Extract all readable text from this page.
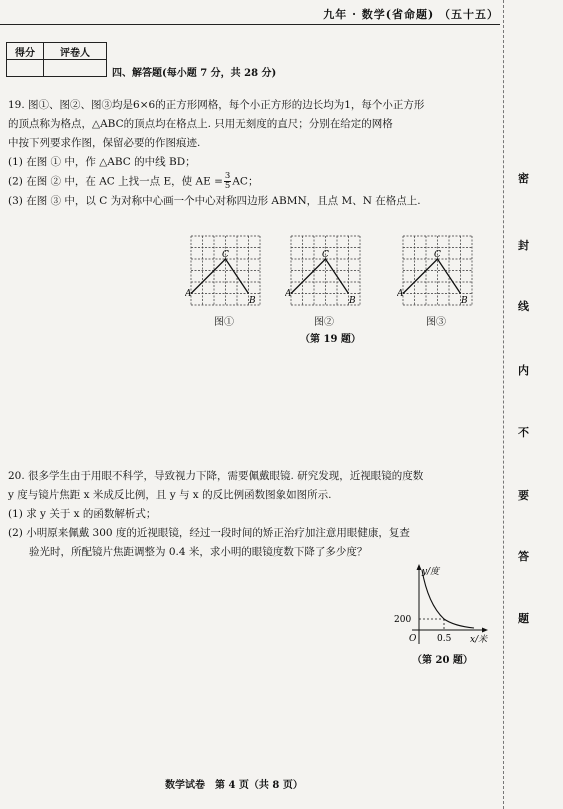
九年 · 数学(省命题) （五十五）
密
封
线
内
不
要
答
题
得分	评卷人

四、解答题(每小题 7 分，共 28 分)

19. 图①、图②、图③均是6×6的正方形网格，每个小正方形的边长均为1，每个小正方形

的顶点称为格点，△ABC的顶点均在格点上. 只用无刻度的直尺；分别在给定的网格

中按下列要求作图，保留必要的作图痕迹.

(1) 在图 ① 中，作 △ABC 的中线 BD；

(2) 在图 ② 中，在 AC 上找一点 E，使 AE = $\frac{3}{5}$ AC；

(3) 在图 ③ 中，以 C 为对称中心画一个中心对称四边形 ABMN，且点 M、N 在格点上.

A
B
C
A
B
C
A
B
C
图①	图②	图③
（第 19 题）

20. 很多学生由于用眼不科学，导致视力下降，需要佩戴眼镜. 研究发现，近视眼镜的度数

y 度与镜片焦距 x 米成反比例，且 y 与 x 的反比例函数图象如图所示.

(1) 求 y 关于 x 的函数解析式；

(2) 小明原来佩戴 300 度的近视眼镜，经过一段时间的矫正治疗加注意用眼健康，复查

　　验光时，所配镜片焦距调整为 0.4 米，求小明的眼镜度数下降了多少度？

y/度
x/米
O
200
0.5
（第 20 题）
数学试卷　第 4 页（共 8 页）
